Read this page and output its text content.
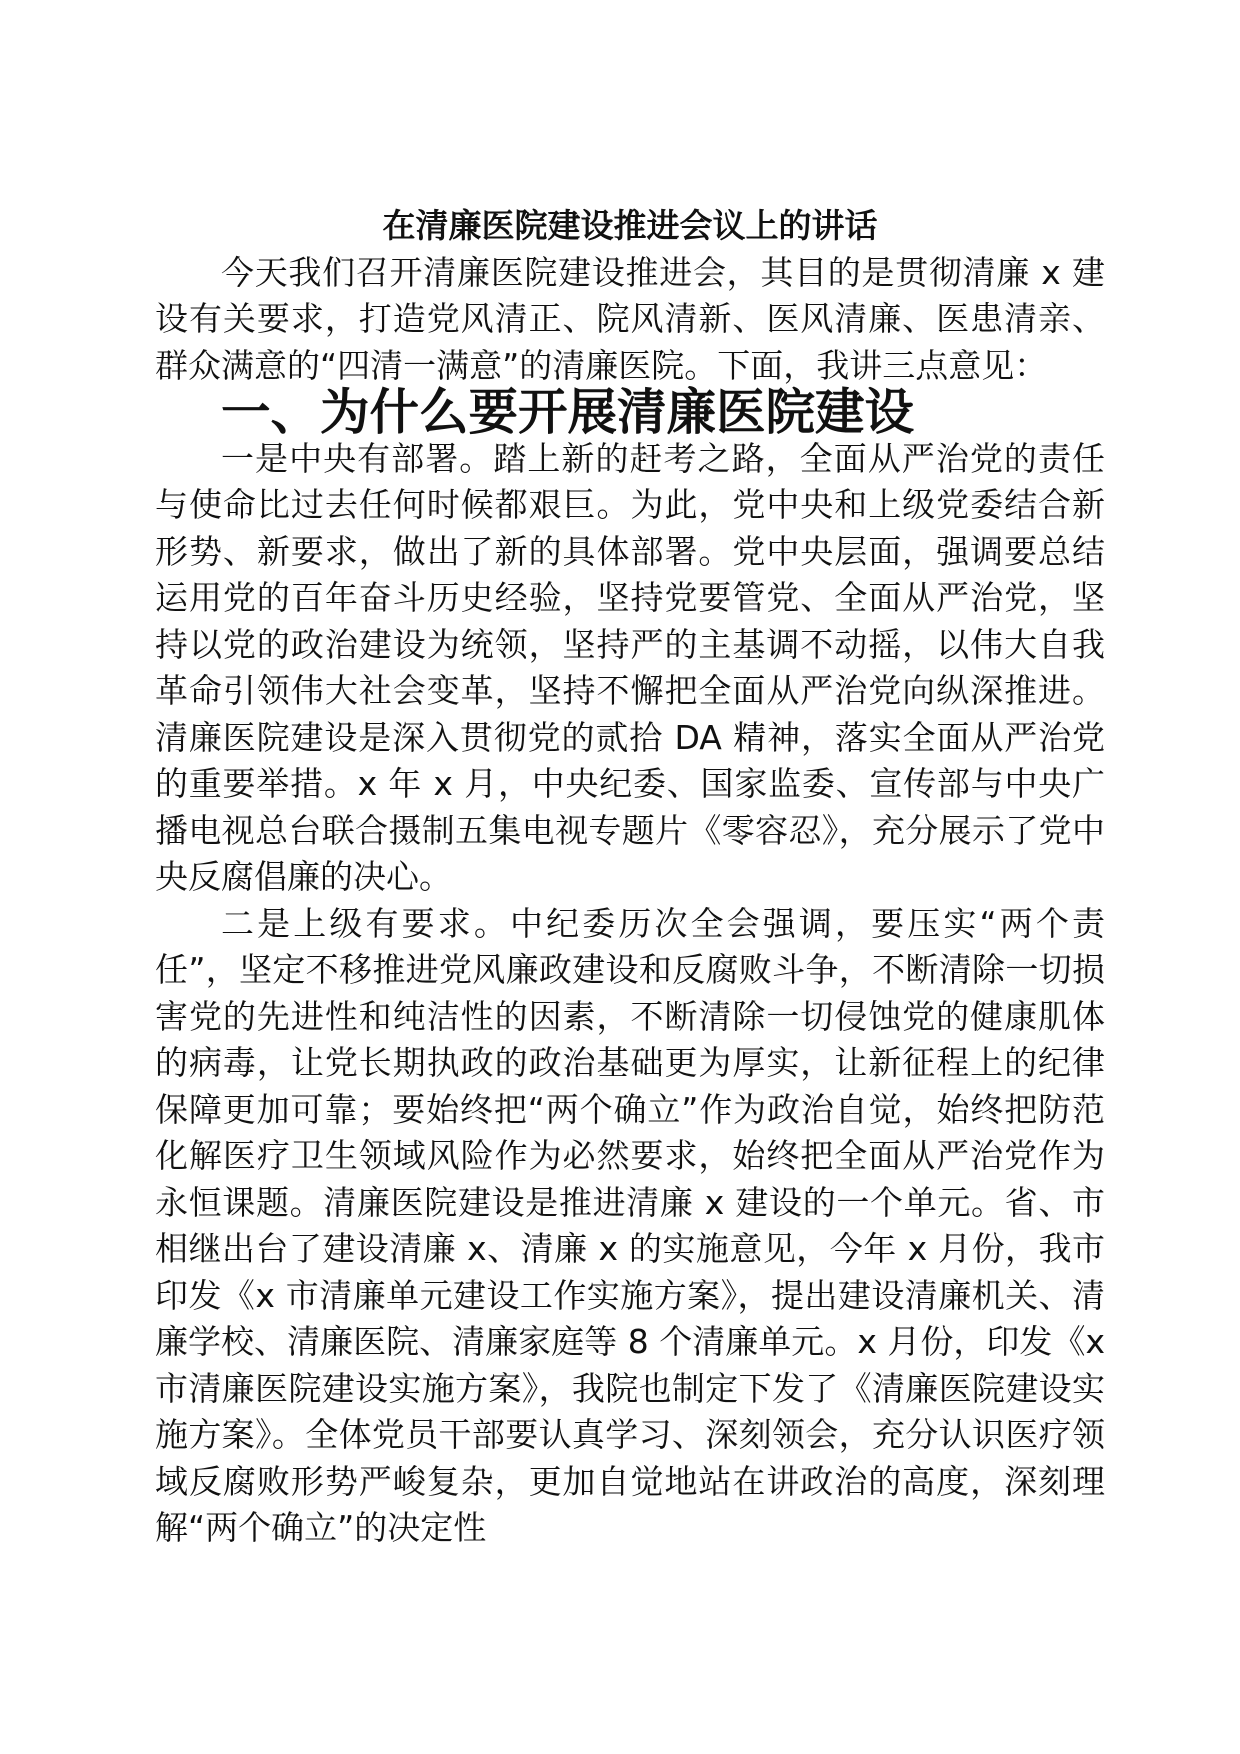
在清廉医院建设推进会议上的讲话

今天我们召开清廉医院建设推进会，其目的是贯彻清廉 x 建设有关要求，打造党风清正、院风清新、医风清廉、医患清亲、群众满意的“四清一满意”的清廉医院。下面，我讲三点意见：

一、为什么要开展清廉医院建设

一是中央有部署。踏上新的赶考之路，全面从严治党的责任与使命比过去任何时候都艰巨。为此，党中央和上级党委结合新形势、新要求，做出了新的具体部署。党中央层面，强调要总结运用党的百年奋斗历史经验，坚持党要管党、全面从严治党，坚持以党的政治建设为统领，坚持严的主基调不动摇，以伟大自我革命引领伟大社会变革，坚持不懈把全面从严治党向纵深推进。清廉医院建设是深入贯彻党的贰拾 DA 精神，落实全面从严治党的重要举措。x 年 x 月，中央纪委、国家监委、宣传部与中央广播电视总台联合摄制五集电视专题片《零容忍》，充分展示了党中央反腐倡廉的决心。

二是上级有要求。中纪委历次全会强调，要压实“两个责任”，坚定不移推进党风廉政建设和反腐败斗争，不断清除一切损害党的先进性和纯洁性的因素，不断清除一切侵蚀党的健康肌体的病毒，让党长期执政的政治基础更为厚实，让新征程上的纪律保障更加可靠；要始终把“两个确立”作为政治自觉，始终把防范化解医疗卫生领域风险作为必然要求，始终把全面从严治党作为永恒课题。清廉医院建设是推进清廉 x 建设的一个单元。省、市相继出台了建设清廉 x、清廉 x 的实施意见，今年 x 月份，我市印发《x 市清廉单元建设工作实施方案》，提出建设清廉机关、清廉学校、清廉医院、清廉家庭等 8 个清廉单元。x 月份，印发《x 市清廉医院建设实施方案》，我院也制定下发了《清廉医院建设实施方案》。全体党员干部要认真学习、深刻领会，充分认识医疗领域反腐败形势严峻复杂，更加自觉地站在讲政治的高度，深刻理解“两个确立”的决定性
